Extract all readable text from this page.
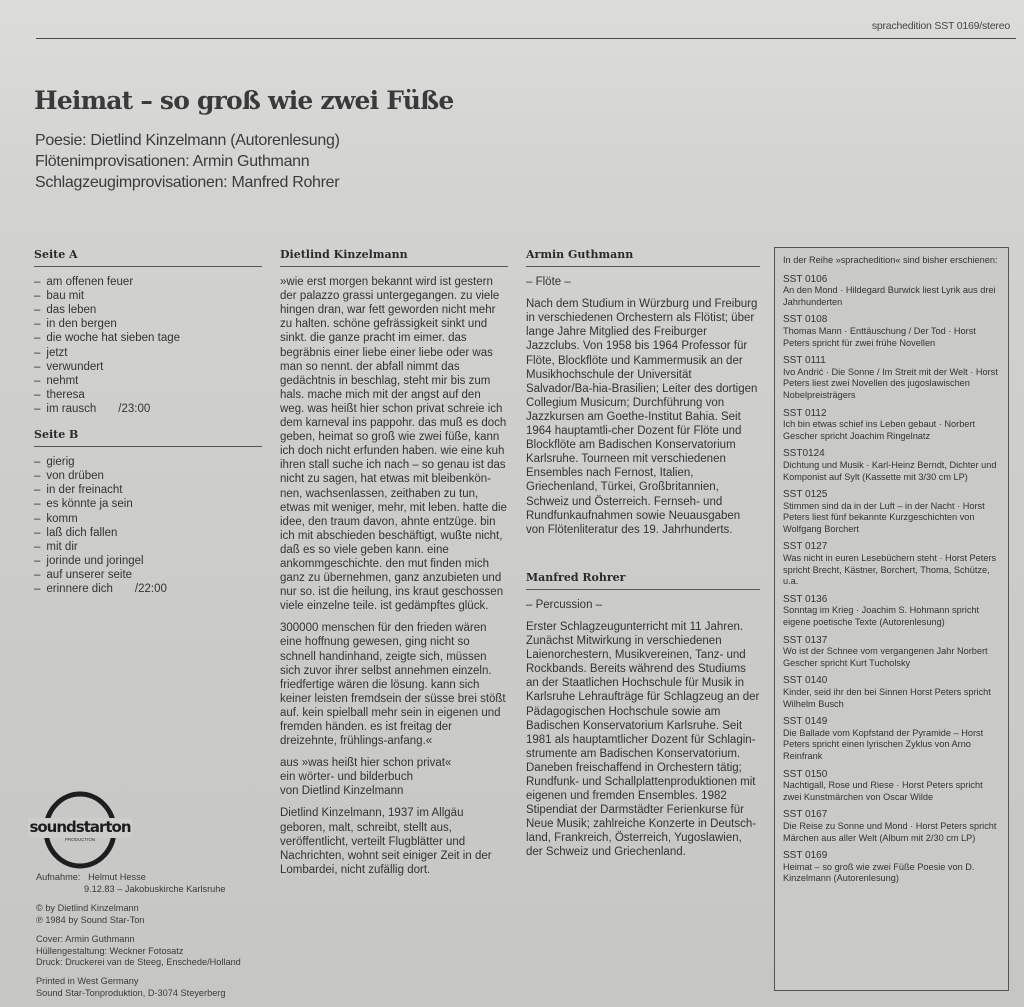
sprachedition SST 0169/stereo
Heimat – so groß wie zwei Füße
Poesie: Dietlind Kinzelmann (Autorenlesung)
Flötenimprovisationen: Armin Guthmann
Schlagzeugimprovisationen: Manfred Rohrer
Seite A
– am offenen feuer
– bau mit
– das leben
– in den bergen
– die woche hat sieben tage
– jetzt
– verwundert
– nehmt
– theresa
– im rausch /23:00
Seite B
– gierig
– von drüben
– in der freinacht
– es könnte ja sein
– komm
– laß dich fallen
– mit dir
– jorinde und joringel
– auf unserer seite
– erinnere dich /22:00
Dietlind Kinzelmann

»wie erst morgen bekannt wird ist gestern der palazzo grassi untergegangen. zu viele hingen dran, war fett geworden nicht mehr zu halten. schöne gefrässigkeit sinkt und sinkt. die ganze pracht im eimer. das begräbnis einer liebe einer liebe oder was man so nennt. der abfall nimmt das gedächtnis in beschlag, steht mir bis zum hals. mache mich mit der angst auf den weg. was heißt hier schon privat schreie ich dem karneval ins pappohr. das muß es doch geben, heimat so groß wie zwei füße, kann ich doch nicht erfunden haben. wie eine kuh ihren stall suche ich nach – so genau ist das nicht zu sagen, hat etwas mit bleibenkön-nen, wachsenlassen, zeithaben zu tun, etwas mit weniger, mehr, mit leben. hatte die idee, den traum davon, ahnte entzüge. bin ich mit abschieden beschäftigt, wußte nicht, daß es so viele geben kann. eine ankommgeschichte. den mut finden mich ganz zu übernehmen, ganz anzubieten und nur so. ist die heilung, ins kraut geschossen viele einzelne teile. ist gedämpftes glück.

300000 menschen für den frieden wären eine hoffnung gewesen, ging nicht so schnell handinhand, zeigte sich, müssen sich zuvor ihrer selbst annehmen einzeln. friedfertige wären die lösung. kann sich keiner leisten fremdsein der süsse brei stößt auf. kein spielball mehr sein in eigenen und fremden händen. es ist freitag der dreizehnte, frühlings-anfang.«

aus »was heißt hier schon privat«
ein wörter- und bilderbuch
von Dietlind Kinzelmann

Dietlind Kinzelmann, 1937 im Allgäu geboren, malt, schreibt, stellt aus, veröffentlicht, verteilt Flugblätter und Nachrichten, wohnt seit einiger Zeit in der Lombardei, nicht zufällig dort.

Armin Guthmann
– Flöte –

Nach dem Studium in Würzburg und Freiburg in verschiedenen Orchestern als Flötist; über lange Jahre Mitglied des Freiburger Jazzclubs. Von 1958 bis 1964 Professor für Flöte, Blockflöte und Kammermusik an der Musikhochschule der Universität Salvador/Ba-hia-Brasilien; Leiter des dortigen Collegium Musicum; Durchführung von Jazzkursen am Goethe-Institut Bahia. Seit 1964 hauptamtli-cher Dozent für Flöte und Blockflöte am Badischen Konservatorium Karlsruhe. Tourneen mit verschiedenen Ensembles nach Fernost, Italien, Griechenland, Türkei, Großbritannien, Schweiz und Österreich. Fernseh- und Rundfunkaufnahmen sowie Neuausgaben von Flötenliteratur des 19. Jahrhunderts.

Manfred Rohrer
– Percussion –

Erster Schlagzeugunterricht mit 11 Jahren. Zunächst Mitwirkung in verschiedenen Laienorchestern, Musikvereinen, Tanz- und Rockbands. Bereits während des Studiums an der Staatlichen Hochschule für Musik in Karlsruhe Lehraufträge für Schlagzeug an der Pädagogischen Hochschule sowie am Badischen Konservatorium Karlsruhe. Seit 1981 als hauptamtlicher Dozent für Schlagin-strumente am Badischen Konservatorium. Daneben freischaffend in Orchestern tätig; Rundfunk- und Schallplattenproduktionen mit eigenen und fremden Ensembles. 1982 Stipendiat der Darmstädter Ferienkurse für Neue Musik; zahlreiche Konzerte in Deutsch-land, Frankreich, Österreich, Yugoslawien, der Schweiz und Griechenland.

In der Reihe »sprachedition« sind bisher erschienen:
SST 0106
An den Mond · Hildegard Burwick liest Lyrik aus drei Jahrhunderten
SST 0108
Thomas Mann · Enttäuschung / Der Tod · Horst Peters spricht für zwei frühe Novellen
SST 0111
Ivo Andrić · Die Sonne / Im Streit mit der Welt · Horst Peters liest zwei Novellen des jugoslawischen Nobelpreisträgers
SST 0112
Ich bin etwas schief ins Leben gebaut · Norbert Gescher spricht Joachim Ringelnatz
SST0124
Dichtung und Musik · Karl-Heinz Berndt, Dichter und Komponist auf Sylt (Kassette mit 3/30 cm LP)
SST 0125
Stimmen sind da in der Luft – in der Nacht · Horst Peters liest fünf bekannte Kurzgeschichten von Wolfgang Borchert
SST 0127
Was nicht in euren Lesebüchern steht · Horst Peters spricht Brecht, Kästner, Borchert, Thoma, Schütze, u.a.
SST 0136
Sonntag im Krieg · Joachim S. Hohmann spricht eigene poetische Texte (Autorenlesung)
SST 0137
Wo ist der Schnee vom vergangenen Jahr Norbert Gescher spricht Kurt Tucholsky
SST 0140
Kinder, seid ihr den bei Sinnen Horst Peters spricht Wilhelm Busch
SST 0149
Die Ballade vom Kopfstand der Pyramide – Horst Peters spricht einen lyrischen Zyklus von Arno Reinfrank
SST 0150
Nachtigall, Rose und Riese · Horst Peters spricht zwei Kunstmärchen von Oscar Wilde
SST 0167
Die Reise zu Sonne und Mond · Horst Peters spricht Märchen aus aller Welt (Album mit 2/30 cm LP)
SST 0169
Heimat – so groß wie zwei Füße Poesie von D. Kinzelmann (Autorenlesung)
soundstarton
PRODUCTION
Aufnahme: Helmut Hesse
9.12.83 – Jakobuskirche Karlsruhe
© by Dietlind Kinzelmann
℗ 1984 by Sound Star-Ton
Cover: Armin Guthmann
Hüllengestaltung: Weckner Fotosatz
Druck: Druckerei van de Steeg, Enschede/Holland
Printed in West Germany
Sound Star-Tonproduktion, D-3074 Steyerberg
